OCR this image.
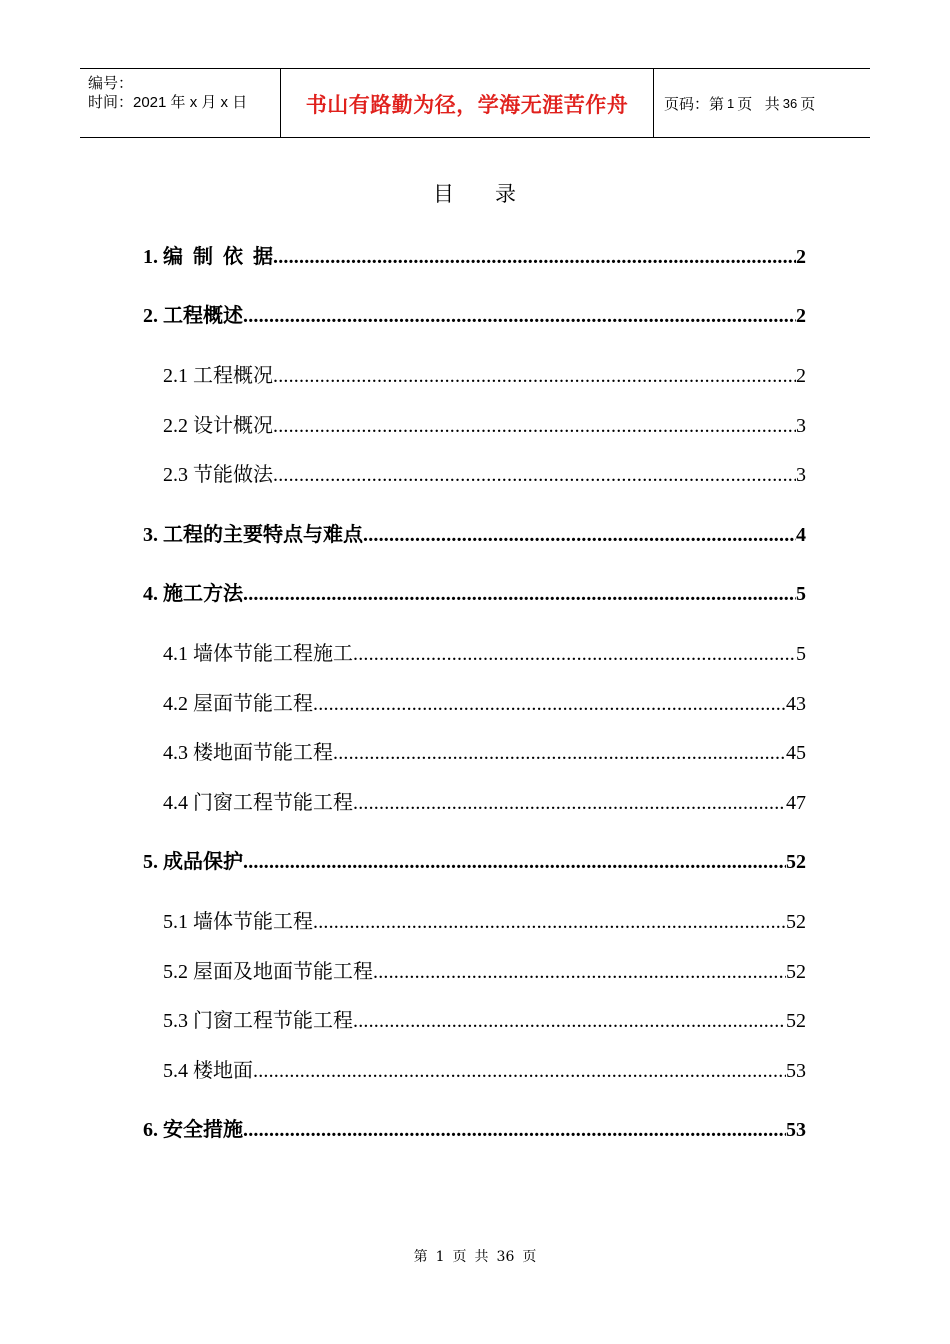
编号：
时间：2021 年 x 月 x 日	书山有路勤为径，学海无涯苦作舟 页码：第 1 页   共 36 页
目 录
1. 编  制  依  据 .....	2
2. 工程概述 .....	2
2.1 工程概况 .....	2
2.2 设计概况 .....	3
2.3 节能做法 .....	3
3. 工程的主要特点与难点 .....	4
4. 施工方法 .....	5
4.1 墙体节能工程施工 .....	5
4.2 屋面节能工程 .....	43
4.3 楼地面节能工程 .....	45
4.4 门窗工程节能工程 .....	47
5. 成品保护 .....	52
5.1 墙体节能工程 .....	52
5.2 屋面及地面节能工程 .....	52
5.3 门窗工程节能工程 .....	52
5.4 楼地面 .....	53
6. 安全措施 .....	53
第 1 页 共 36 页
